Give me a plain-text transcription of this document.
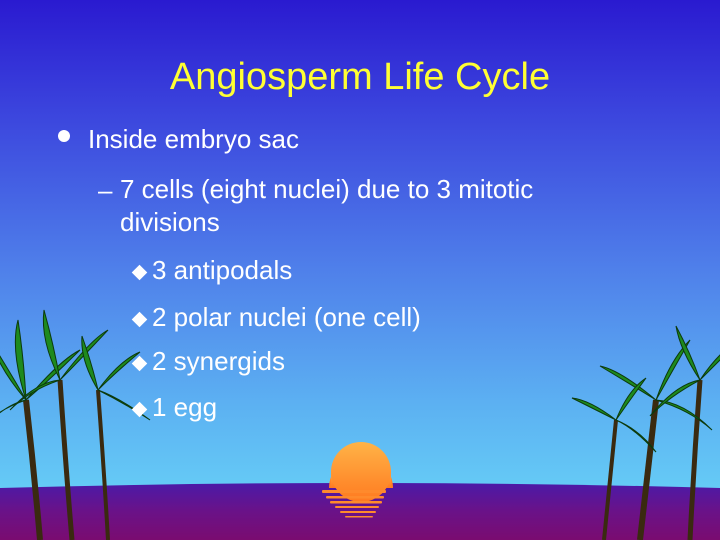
Angiosperm Life Cycle
Inside embryo sac
– 7 cells (eight nuclei) due to 3 mitotic
divisions
3 antipodals
2 polar nuclei (one cell)
2 synergids
1 egg
